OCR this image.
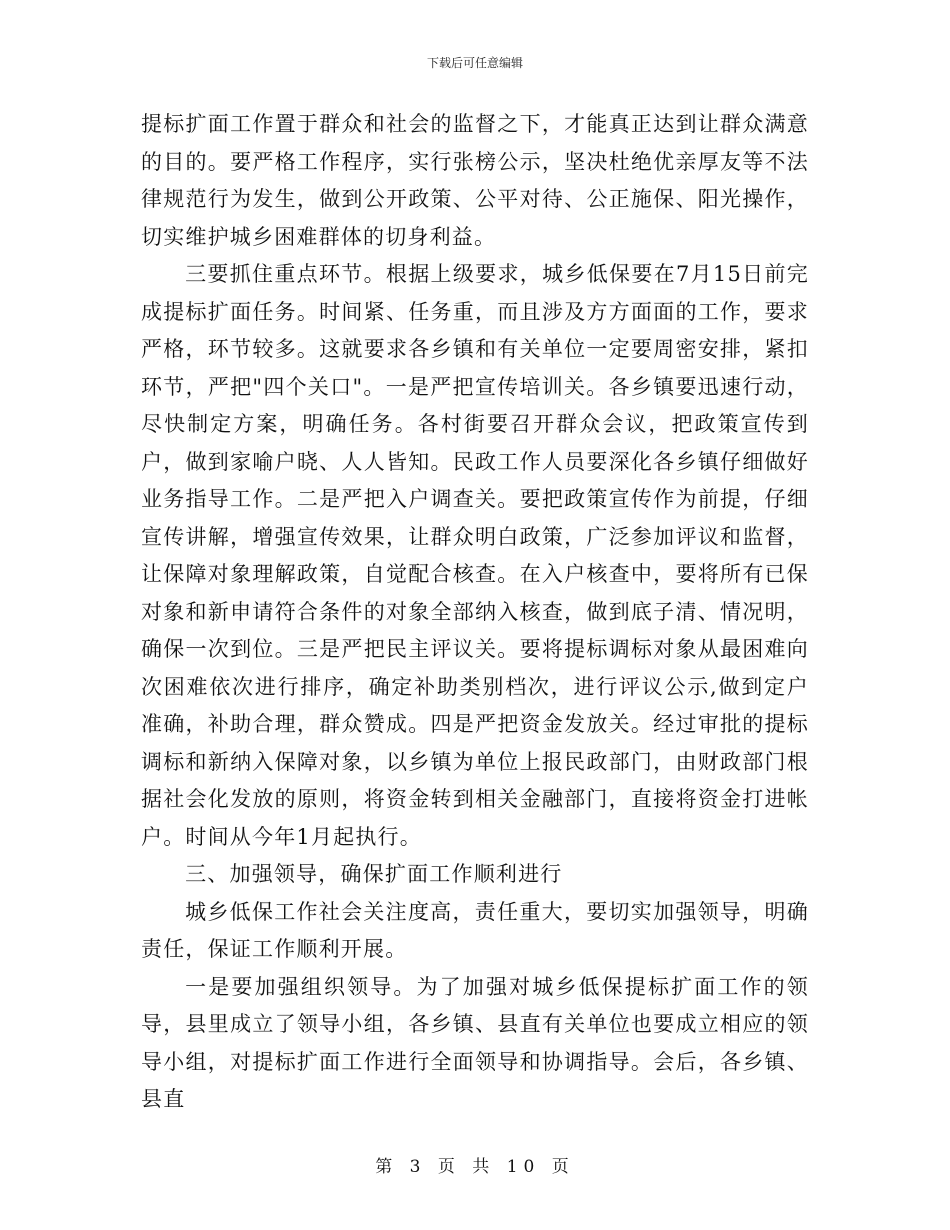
下载后可任意编辑

提标扩面工作置于群众和社会的监督之下，才能真正达到让群众满意的目的。要严格工作程序，实行张榜公示，坚决杜绝优亲厚友等不法律规范行为发生，做到公开政策、公平对待、公正施保、阳光操作，切实维护城乡困难群体的切身利益。

三要抓住重点环节。根据上级要求，城乡低保要在7月15日前完成提标扩面任务。时间紧、任务重，而且涉及方方面面的工作，要求严格，环节较多。这就要求各乡镇和有关单位一定要周密安排，紧扣环节，严把"四个关口"。一是严把宣传培训关。各乡镇要迅速行动，尽快制定方案，明确任务。各村街要召开群众会议，把政策宣传到户，做到家喻户晓、人人皆知。民政工作人员要深化各乡镇仔细做好业务指导工作。二是严把入户调查关。要把政策宣传作为前提，仔细宣传讲解，增强宣传效果，让群众明白政策，广泛参加评议和监督，让保障对象理解政策，自觉配合核查。在入户核查中，要将所有已保对象和新申请符合条件的对象全部纳入核查，做到底子清、情况明，确保一次到位。三是严把民主评议关。要将提标调标对象从最困难向次困难依次进行排序，确定补助类别档次，进行评议公示,做到定户准确，补助合理，群众赞成。四是严把资金发放关。经过审批的提标调标和新纳入保障对象，以乡镇为单位上报民政部门，由财政部门根据社会化发放的原则，将资金转到相关金融部门，直接将资金打进帐户。时间从今年1月起执行。

三、加强领导，确保扩面工作顺利进行

城乡低保工作社会关注度高，责任重大，要切实加强领导，明确责任，保证工作顺利开展。

一是要加强组织领导。为了加强对城乡低保提标扩面工作的领导，县里成立了领导小组，各乡镇、县直有关单位也要成立相应的领导小组，对提标扩面工作进行全面领导和协调指导。会后，各乡镇、县直

第 3 页 共 10 页
